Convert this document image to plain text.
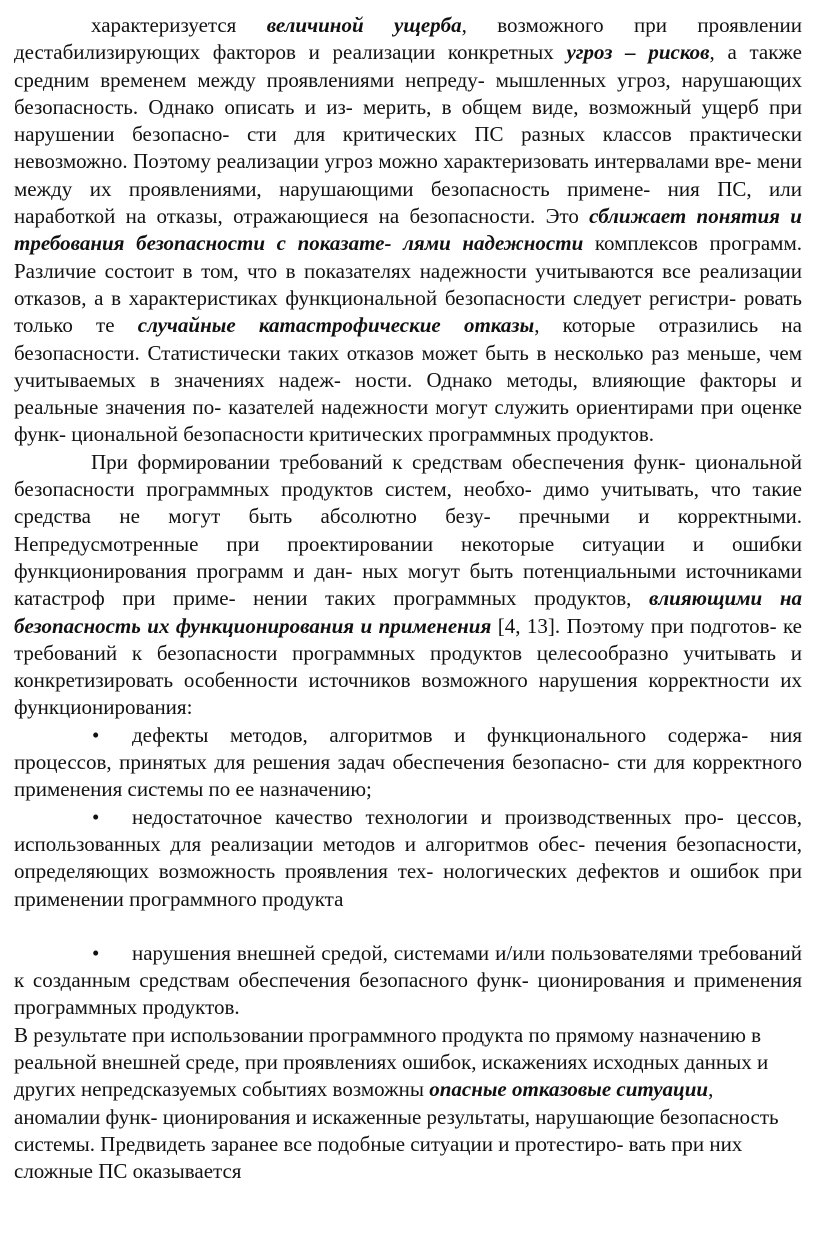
характеризуется величиной ущерба, возможного при проявлении дестабилизирующих факторов и реализации конкретных угроз – рисков, а также средним временем между проявлениями непреду- мышленных угроз, нарушающих безопасность. Однако описать и из- мерить, в общем виде, возможный ущерб при нарушении безопасно- сти для критических ПС разных классов практически невозможно. Поэтому реализации угроз можно характеризовать интервалами вре- мени между их проявлениями, нарушающими безопасность примене- ния ПС, или наработкой на отказы, отражающиеся на безопасности. Это сближает понятия и требования безопасности с показате- лями надежности комплексов программ. Различие состоит в том, что в показателях надежности учитываются все реализации отказов, а в характеристиках функциональной безопасности следует регистри- ровать только те случайные катастрофические отказы, которые отразились на безопасности. Статистически таких отказов может быть в несколько раз меньше, чем учитываемых в значениях надеж- ности. Однако методы, влияющие факторы и реальные значения по- казателей надежности могут служить ориентирами при оценке функ- циональной безопасности критических программных продуктов.

При формировании требований к средствам обеспечения функ- циональной безопасности программных продуктов систем, необхо- димо учитывать, что такие средства не могут быть абсолютно безу- пречными и корректными. Непредусмотренные при проектировании некоторые ситуации и ошибки функционирования программ и дан- ных могут быть потенциальными источниками катастроф при приме- нении таких программных продуктов, влияющими на безопасность их функционирования и применения [4, 13]. Поэтому при подготов- ке требований к безопасности программных продуктов целесообразно учитывать и конкретизировать особенности источников возможного нарушения корректности их функционирования:

• дефекты методов, алгоритмов и функционального содержа- ния процессов, принятых для решения задач обеспечения безопасно- сти для корректного применения системы по ее назначению;

• недостаточное качество технологии и производственных про- цессов, использованных для реализации методов и алгоритмов обес- печения безопасности, определяющих возможность проявления тех- нологических дефектов и ошибок при применении программного продукта

• нарушения внешней средой, системами и/или пользователями требований к созданным средствам обеспечения безопасного функ- ционирования и применения программных продуктов.

В результате при использовании программного продукта по прямому назначению в реальной внешней среде, при проявлениях ошибок, искажениях исходных данных и других непредсказуемых событиях возможны опасные отказовые ситуации, аномалии функ- ционирования и искаженные результаты, нарушающие безопасность системы. Предвидеть заранее все подобные ситуации и протестиро- вать при них сложные ПС оказывается
